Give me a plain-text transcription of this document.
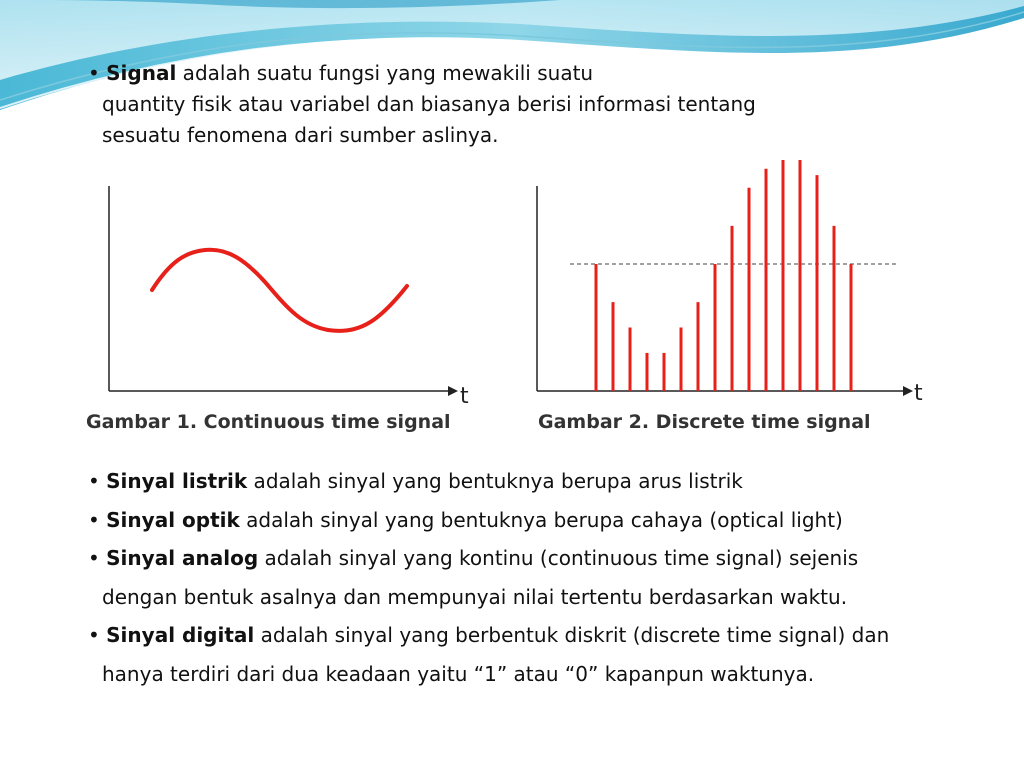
• Signal adalah suatu fungsi yang mewakili suatu
quantity fisik atau variabel dan biasanya berisi informasi tentang
sesuatu fenomena dari sumber aslinya.
t	t
Gambar 1. Continuous time signal	Gambar 2. Discrete time signal
• Sinyal listrik adalah sinyal yang bentuknya berupa arus listrik
• Sinyal optik adalah sinyal yang bentuknya berupa cahaya (optical light)
• Sinyal analog adalah sinyal yang kontinu (continuous time signal) sejenis
dengan bentuk asalnya dan mempunyai nilai tertentu berdasarkan waktu.
• Sinyal digital adalah sinyal yang berbentuk diskrit (discrete time signal) dan
hanya terdiri dari dua keadaan yaitu “1” atau “0” kapanpun waktunya.
